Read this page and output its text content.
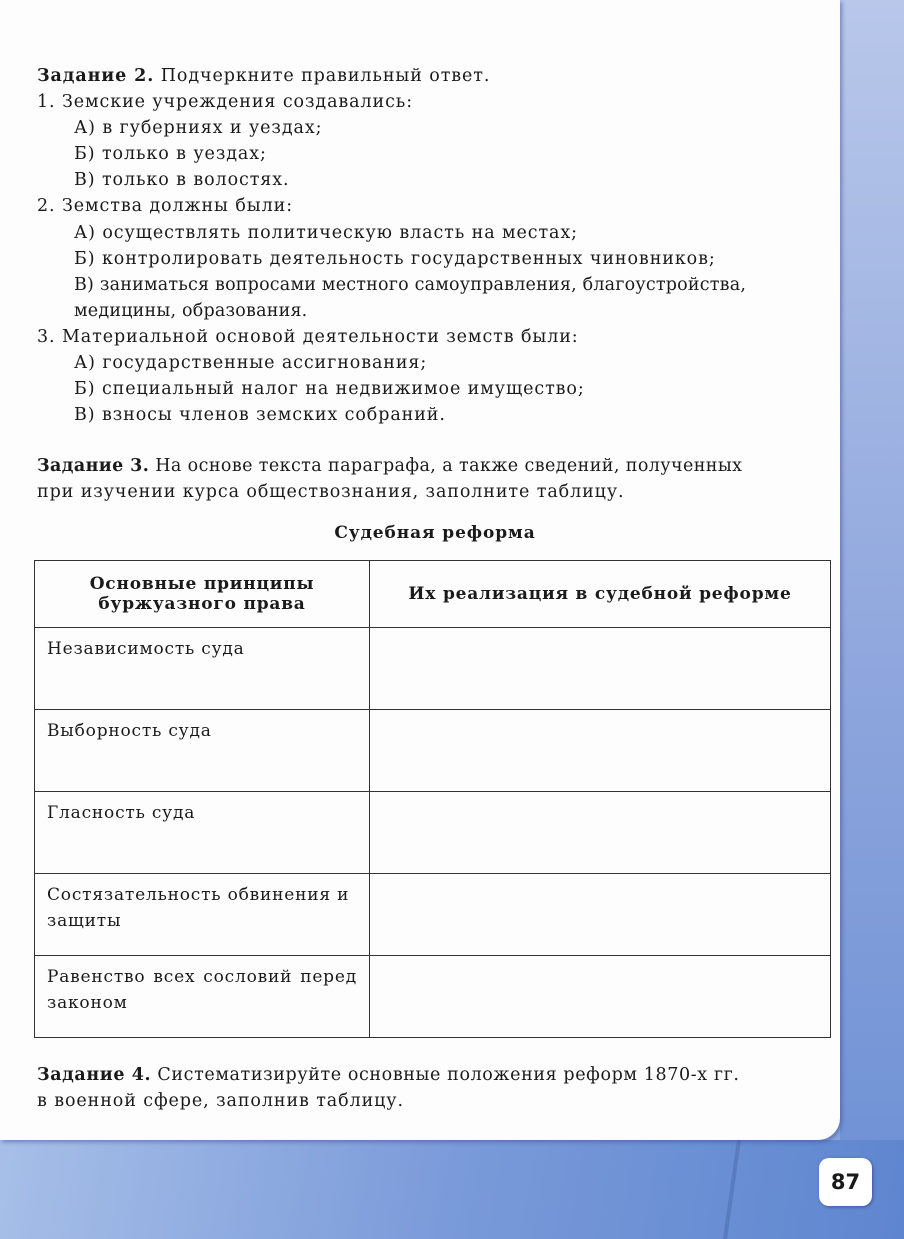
Задание 2. Подчеркните правильный ответ.
1. Земские учреждения создавались:
А) в губерниях и уездах;
Б) только в уездах;
В) только в волостях.
2. Земства должны были:
А) осуществлять политическую власть на местах;
Б) контролировать деятельность государственных чиновников;
В) заниматься вопросами местного самоуправления, благоустройства,
медицины, образования.
3. Материальной основой деятельности земств были:
А) государственные ассигнования;
Б) специальный налог на недвижимое имущество;
В) взносы членов земских собраний.
Задание 3. На основе текста параграфа, а также сведений, полученных
при изучении курса обществознания, заполните таблицу.
Судебная реформа
Основные принципы буржуазного права	Их реализация в судебной реформе
Независимость суда	
Выборность суда	
Гласность суда	
Состязательность обвинения и защиты	
Равенство всех сословий перед законом	
Задание 4. Систематизируйте основные положения реформ 1870-х гг.
в военной сфере, заполнив таблицу.
87
